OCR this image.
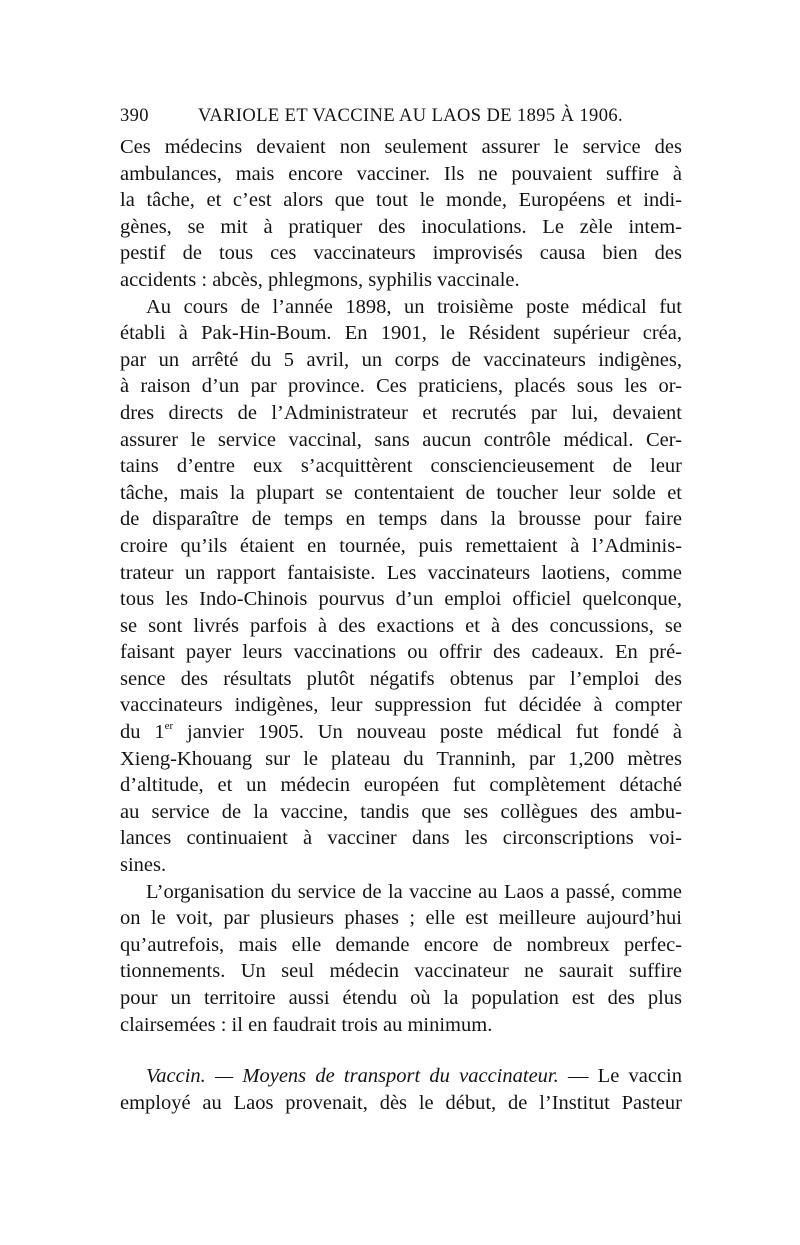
390	VARIOLE ET VACCINE AU LAOS DE 1895 À 1906.

Ces médecins devaient non seulement assurer le service des
ambulances, mais encore vacciner. Ils ne pouvaient suffire à
la tâche, et c’est alors que tout le monde, Européens et indi-
gènes, se mit à pratiquer des inoculations. Le zèle intem-
pestif de tous ces vaccinateurs improvisés causa bien des
accidents : abcès, phlegmons, syphilis vaccinale.

Au cours de l’année 1898, un troisième poste médical fut
établi à Pak-Hin-Boum. En 1901, le Résident supérieur créa,
par un arrêté du 5 avril, un corps de vaccinateurs indigènes,
à raison d’un par province. Ces praticiens, placés sous les or-
dres directs de l’Administrateur et recrutés par lui, devaient
assurer le service vaccinal, sans aucun contrôle médical. Cer-
tains d’entre eux s’acquittèrent consciencieusement de leur
tâche, mais la plupart se contentaient de toucher leur solde et
de disparaître de temps en temps dans la brousse pour faire
croire qu’ils étaient en tournée, puis remettaient à l’Adminis-
trateur un rapport fantaisiste. Les vaccinateurs laotiens, comme
tous les Indo-Chinois pourvus d’un emploi officiel quelconque,
se sont livrés parfois à des exactions et à des concussions, se
faisant payer leurs vaccinations ou offrir des cadeaux. En pré-
sence des résultats plutôt négatifs obtenus par l’emploi des
vaccinateurs indigènes, leur suppression fut décidée à compter
du 1er janvier 1905. Un nouveau poste médical fut fondé à
Xieng-Khouang sur le plateau du Tranninh, par 1,200 mètres
d’altitude, et un médecin européen fut complètement détaché
au service de la vaccine, tandis que ses collègues des ambu-
lances continuaient à vacciner dans les circonscriptions voi-
sines.

L’organisation du service de la vaccine au Laos a passé, comme
on le voit, par plusieurs phases ; elle est meilleure aujourd’hui
qu’autrefois, mais elle demande encore de nombreux perfec-
tionnements. Un seul médecin vaccinateur ne saurait suffire
pour un territoire aussi étendu où la population est des plus
clairsemées : il en faudrait trois au minimum.

Vaccin. — Moyens de transport du vaccinateur. — Le vaccin
employé au Laos provenait, dès le début, de l’Institut Pasteur
